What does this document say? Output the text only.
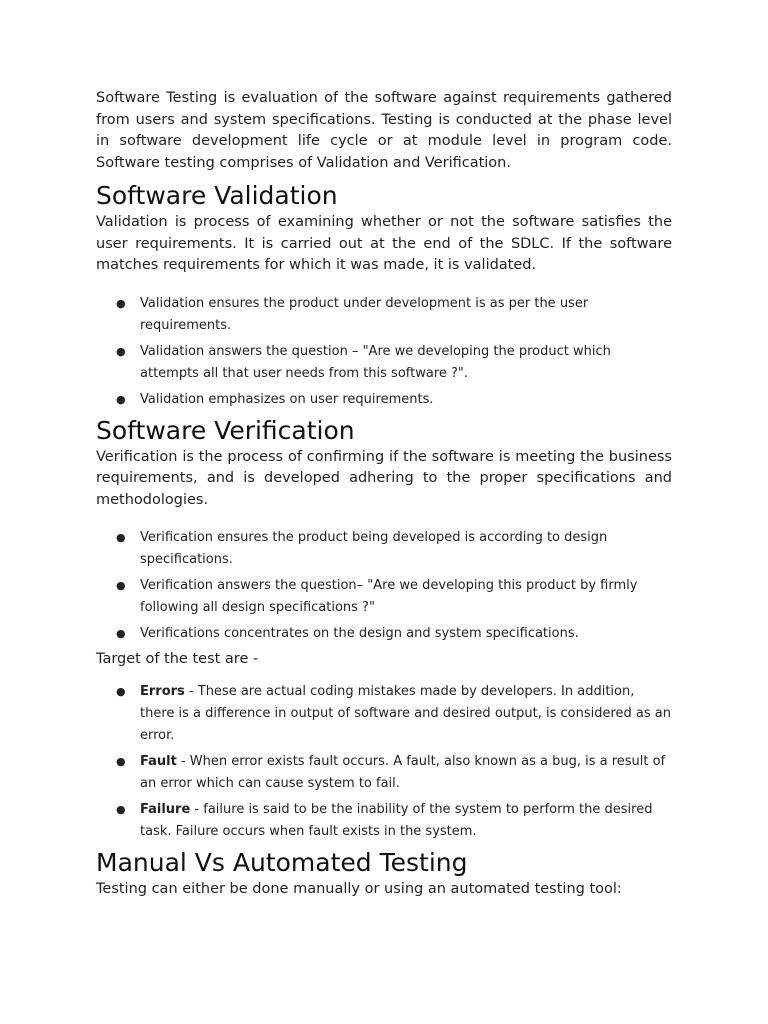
Software Testing is evaluation of the software against requirements gathered from users and system specifications. Testing is conducted at the phase level in software development life cycle or at module level in program code. Software testing comprises of Validation and Verification.

Software Validation

Validation is process of examining whether or not the software satisfies the user requirements. It is carried out at the end of the SDLC. If the software matches requirements for which it was made, it is validated.

● Validation ensures the product under development is as per the user requirements.
● Validation answers the question – "Are we developing the product which attempts all that user needs from this software ?".
● Validation emphasizes on user requirements.
Software Verification

Verification is the process of confirming if the software is meeting the business requirements, and is developed adhering to the proper specifications and methodologies.

● Verification ensures the product being developed is according to design specifications.
● Verification answers the question– "Are we developing this product by firmly following all design specifications ?"
● Verifications concentrates on the design and system specifications.

Target of the test are -

● Errors - These are actual coding mistakes made by developers. In addition, there is a difference in output of software and desired output, is considered as an error.
● Fault - When error exists fault occurs. A fault, also known as a bug, is a result of an error which can cause system to fail.
● Failure - failure is said to be the inability of the system to perform the desired task. Failure occurs when fault exists in the system.
Manual Vs Automated Testing

Testing can either be done manually or using an automated testing tool:
